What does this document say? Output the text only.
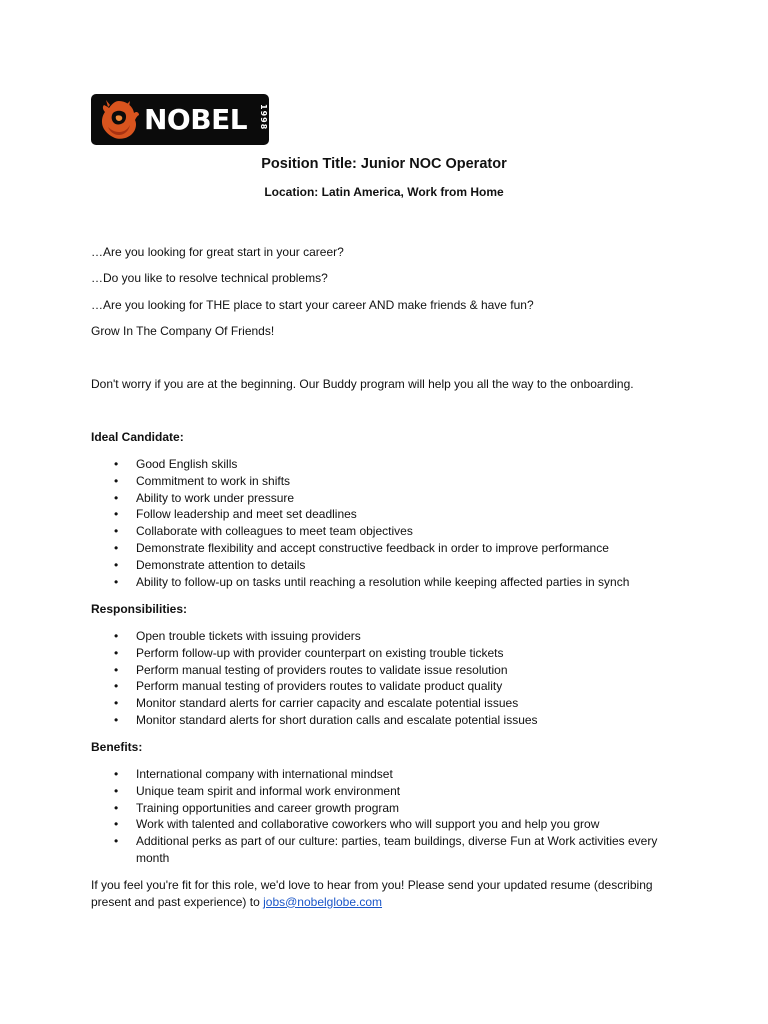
NOBEL	1998
Position Title: Junior NOC Operator
Location: Latin America, Work from Home
…Are you looking for great start in your career?
…Do you like to resolve technical problems?
…Are you looking for THE place to start your career AND make friends & have fun?
Grow In The Company Of Friends!
Don't worry if you are at the beginning. Our Buddy program will help you all the way to the onboarding.
Ideal Candidate:
• Good English skills
• Commitment to work in shifts
• Ability to work under pressure
• Follow leadership and meet set deadlines
• Collaborate with colleagues to meet team objectives
• Demonstrate flexibility and accept constructive feedback in order to improve performance
• Demonstrate attention to details
• Ability to follow-up on tasks until reaching a resolution while keeping affected parties in synch
Responsibilities:
• Open trouble tickets with issuing providers
• Perform follow-up with provider counterpart on existing trouble tickets
• Perform manual testing of providers routes to validate issue resolution
• Perform manual testing of providers routes to validate product quality
• Monitor standard alerts for carrier capacity and escalate potential issues
• Monitor standard alerts for short duration calls and escalate potential issues
Benefits:
• International company with international mindset
• Unique team spirit and informal work environment
• Training opportunities and career growth program
• Work with talented and collaborative coworkers who will support you and help you grow
• Additional perks as part of our culture: parties, team buildings, diverse Fun at Work activities every month
If you feel you're fit for this role, we'd love to hear from you! Please send your updated resume (describing present and past experience) to jobs@nobelglobe.com
